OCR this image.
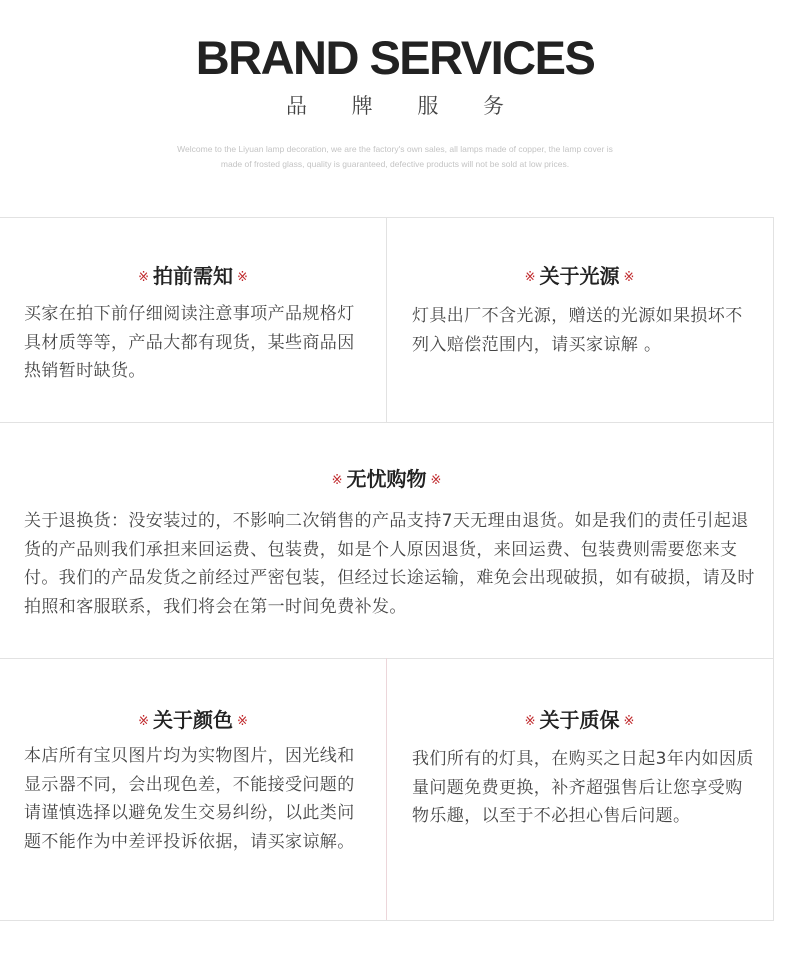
BRAND SERVICES
品 牌 服 务
Welcome to the Liyuan lamp decoration, we are the factory's own sales, all lamps made of copper, the lamp cover is
made of frosted glass, quality is guaranteed, defective products will not be sold at low prices.
※ 拍前需知 ※
买家在拍下前仔细阅读注意事项产品规格灯具材质等等，产品大都有现货，某些商品因热销暂时缺货。
※ 关于光源 ※
灯具出厂不含光源，赠送的光源如果损坏不列入赔偿范围内，请买家谅解 。
※ 无忧购物 ※
关于退换货：没安装过的，不影响二次销售的产品支持7天无理由退货。如是我们的责任引起退货的产品则我们承担来回运费、包装费，如是个人原因退货，来回运费、包装费则需要您来支付。我们的产品发货之前经过严密包装，但经过长途运输，难免会出现破损，如有破损，请及时拍照和客服联系，我们将会在第一时间免费补发。
※ 关于颜色 ※
本店所有宝贝图片均为实物图片，因光线和显示器不同，会出现色差，不能接受问题的请谨慎选择以避免发生交易纠纷，以此类问题不能作为中差评投诉依据，请买家谅解。
※ 关于质保 ※
我们所有的灯具，在购买之日起3年内如因质量问题免费更换，补齐超强售后让您享受购物乐趣，以至于不必担心售后问题。
